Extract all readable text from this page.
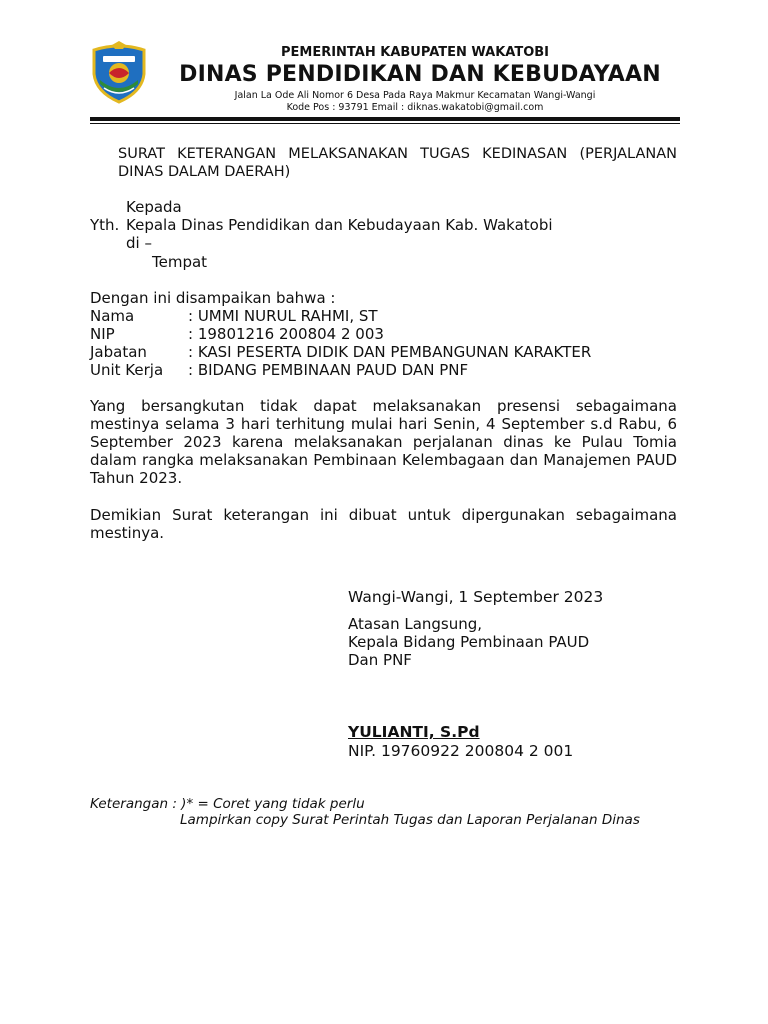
PEMERINTAH KABUPATEN WAKATOBI
DINAS PENDIDIKAN DAN KEBUDAYAAN
Jalan La Ode Ali Nomor 6 Desa Pada Raya Makmur Kecamatan Wangi-Wangi
Kode Pos : 93791 Email : diknas.wakatobi@gmail.com
SURAT KETERANGAN MELAKSANAKAN TUGAS KEDINASAN (PERJALANAN DINAS DALAM DAERAH)
Kepada
Yth. Kepala Dinas Pendidikan dan Kebudayaan Kab. Wakatobi
di –
Tempat
Dengan ini disampaikan bahwa :
Nama	: UMMI NURUL RAHMI, ST
NIP	: 19801216 200804 2 003
Jabatan	: KASI PESERTA DIDIK DAN PEMBANGUNAN KARAKTER
Unit Kerja : BIDANG PEMBINAAN PAUD DAN PNF
Yang bersangkutan tidak dapat melaksanakan presensi sebagaimana mestinya selama 3 hari terhitung mulai hari Senin, 4 September s.d Rabu, 6 September 2023 karena melaksanakan perjalanan dinas ke Pulau Tomia dalam rangka melaksanakan Pembinaan Kelembagaan dan Manajemen PAUD Tahun 2023.
Demikian Surat keterangan ini dibuat untuk dipergunakan sebagaimana mestinya.
Wangi-Wangi, 1 September 2023
Atasan Langsung,
Kepala Bidang Pembinaan PAUD
Dan PNF
YULIANTI, S.Pd
NIP. 19760922 200804 2 001
Keterangan : )* = Coret yang tidak perlu
Lampirkan copy Surat Perintah Tugas dan Laporan Perjalanan Dinas
